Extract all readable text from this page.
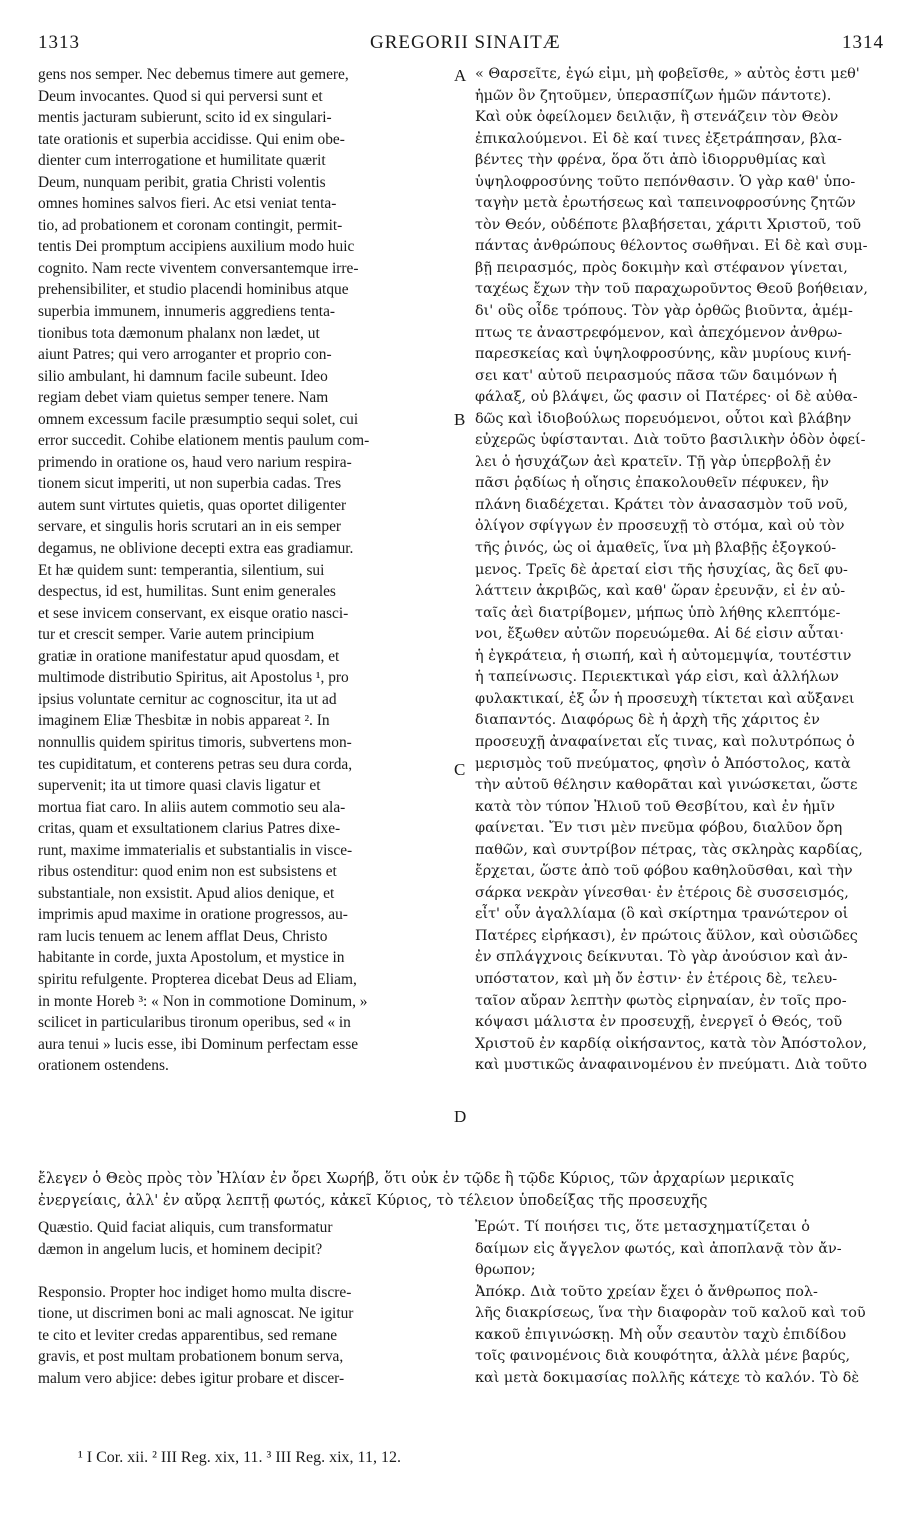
1313	GREGORII SINAITÆ	1314
gens nos semper. Nec debemus timere aut gemere,
Deum invocantes. Quod si qui perversi sunt et
mentis jacturam subierunt, scito id ex singulari-
tate orationis et superbia accidisse. Qui enim obe-
dienter cum interrogatione et humilitate quærit
Deum, nunquam peribit, gratia Christi volentis
omnes homines salvos fieri. Ac etsi veniat tenta-
tio, ad probationem et coronam contingit, permit-
tentis Dei promptum accipiens auxilium modo huic
cognito. Nam recte viventem conversantemque irre-
prehensibiliter, et studio placendi hominibus atque
superbia immunem, innumeris aggrediens tenta-
tionibus tota dæmonum phalanx non lædet, ut
aiunt Patres; qui vero arroganter et proprio con-
silio ambulant, hi damnum facile subeunt. Ideo
regiam debet viam quietus semper tenere. Nam
omnem excessum facile præsumptio sequi solet, cui
error succedit. Cohibe elationem mentis paulum com-
primendo in oratione os, haud vero narium respira-
tionem sicut imperiti, ut non superbia cadas. Tres
autem sunt virtutes quietis, quas oportet diligenter
servare, et singulis horis scrutari an in eis semper
degamus, ne oblivione decepti extra eas gradiamur.
Et hæ quidem sunt: temperantia, silentium, sui
despectus, id est, humilitas. Sunt enim generales
et sese invicem conservant, ex eisque oratio nasci-
tur et crescit semper. Varie autem principium
gratiæ in oratione manifestatur apud quosdam, et
multimode distributio Spiritus, ait Apostolus ¹, pro
ipsius voluntate cernitur ac cognoscitur, ita ut ad
imaginem Eliæ Thesbitæ in nobis appareat ². In
nonnullis quidem spiritus timoris, subvertens mon-
tes cupiditatum, et conterens petras seu dura corda,
supervenit; ita ut timore quasi clavis ligatur et
mortua fiat caro. In aliis autem commotio seu ala-
critas, quam et exsultationem clarius Patres dixe-
runt, maxime immaterialis et substantialis in visce-
ribus ostenditur: quod enim non est subsistens et
substantiale, non exsistit. Apud alios denique, et
imprimis apud maxime in oratione progressos, au-
ram lucis tenuem ac lenem afflat Deus, Christo
habitante in corde, juxta Apostolum, et mystice in
spiritu refulgente. Propterea dicebat Deus ad Eliam,
in monte Horeb ³: « Non in commotione Dominum, »
scilicet in particularibus tironum operibus, sed « in
aura tenui » lucis esse, ibi Dominum perfectam esse
orationem ostendens.
« Θαρσεῖτε, ἐγώ εἰμι, μὴ φοβεῖσθε, » αὐτὸς ἐστι μεθ'
ἡμῶν ὃν ζητοῦμεν, ὑπερασπίζων ἡμῶν πάντοτε).
Καὶ οὐκ ὀφείλομεν δειλιᾷν, ἢ στενάζειν τὸν Θεὸν
ἐπικαλούμενοι. Εἰ δὲ καί τινες ἐξετράπησαν, βλα-
βέντες τὴν φρένα, ὅρα ὅτι ἀπὸ ἰδιορρυθμίας καὶ
ὑψηλοφροσύνης τοῦτο πεπόνθασιν. Ὁ γὰρ καθ' ὑπο-
ταγὴν μετὰ ἐρωτήσεως καὶ ταπεινοφροσύνης ζητῶν
τὸν Θεόν, οὐδέποτε βλαβήσεται, χάριτι Χριστοῦ, τοῦ
πάντας ἀνθρώπους θέλοντος σωθῆναι. Εἰ δὲ καὶ συμ-
βῇ πειρασμός, πρὸς δοκιμὴν καὶ στέφανον γίνεται,
ταχέως ἔχων τὴν τοῦ παραχωροῦντος Θεοῦ βοήθειαν,
δι' οὓς οἶδε τρόπους. Τὸν γὰρ ὀρθῶς βιοῦντα, ἀμέμ-
πτως τε ἀναστρεφόμενον, καὶ ἀπεχόμενον ἀνθρω-
παρεσκείας καὶ ὑψηλοφροσύνης, κἂν μυρίους κινή-
σει κατ' αὐτοῦ πειρασμούς πᾶσα τῶν δαιμόνων ἡ
φάλαξ, οὐ βλάψει, ὥς φασιν οἱ Πατέρες· οἱ δὲ αὐθα-
δῶς καὶ ἰδιοβούλως πορευόμενοι, οὗτοι καὶ βλάβην
εὐχερῶς ὑφίστανται. Διὰ τοῦτο βασιλικὴν ὁδὸν ὀφεί-
λει ὁ ἡσυχάζων ἀεὶ κρατεῖν. Τῇ γὰρ ὑπερβολῇ ἐν
πᾶσι ῥᾳδίως ἡ οἴησις ἐπακολουθεῖν πέφυκεν, ἣν
πλάνη διαδέχεται. Κράτει τὸν ἀνασασμὸν τοῦ νοῦ,
ὀλίγον σφίγγων ἐν προσευχῇ τὸ στόμα, καὶ οὐ τὸν
τῆς ῥινός, ὡς οἱ ἀμαθεῖς, ἵνα μὴ βλαβῇς ἐξογκού-
μενος. Τρεῖς δὲ ἀρεταί εἰσι τῆς ἡσυχίας, ἃς δεῖ φυ-
λάττειν ἀκριβῶς, καὶ καθ' ὥραν ἐρευνᾷν, εἰ ἐν αὐ-
ταῖς ἀεὶ διατρίβομεν, μήπως ὑπὸ λήθης κλεπτόμε-
νοι, ἔξωθεν αὐτῶν πορευώμεθα. Αἱ δέ εἰσιν αὗται·
ἡ ἐγκράτεια, ἡ σιωπή, καὶ ἡ αὐτομεμψία, τουτέστιν
ἡ ταπείνωσις. Περιεκτικαὶ γάρ εἰσι, καὶ ἀλλήλων
φυλακτικαί, ἐξ ὧν ἡ προσευχὴ τίκτεται καὶ αὔξανει
διαπαντός. Διαφόρως δὲ ἡ ἀρχὴ τῆς χάριτος ἐν
προσευχῇ ἀναφαίνεται εἴς τινας, καὶ πολυτρόπως ὁ
μερισμὸς τοῦ πνεύματος, φησὶν ὁ Ἀπόστολος, κατὰ
τὴν αὐτοῦ θέλησιν καθορᾶται καὶ γινώσκεται, ὥστε
κατὰ τὸν τύπον Ἠλιοῦ τοῦ Θεσβίτου, καὶ ἐν ἡμῖν
φαίνεται. Ἔν τισι μὲν πνεῦμα φόβου, διαλῦον ὄρη
παθῶν, καὶ συντρίβον πέτρας, τὰς σκληρὰς καρδίας,
ἔρχεται, ὥστε ἀπὸ τοῦ φόβου καθηλοῦσθαι, καὶ τὴν
σάρκα νεκρὰν γίνεσθαι· ἐν ἑτέροις δὲ συσσεισμός,
εἶτ' οὖν ἀγαλλίαμα (ὃ καὶ σκίρτημα τρανώτερον οἱ
Πατέρες εἰρήκασι), ἐν πρώτοις ἄϋλον, καὶ οὐσιῶδες
ἐν σπλάγχνοις δείκνυται. Τὸ γὰρ ἀνούσιον καὶ ἀν-
υπόστατον, καὶ μὴ ὄν ἐστιν· ἐν ἑτέροις δὲ, τελευ-
ταῖον αὔραν λεπτὴν φωτὸς εἰρηναίαν, ἐν τοῖς προ-
κόψασι μάλιστα ἐν προσευχῇ, ἐνεργεῖ ὁ Θεός, τοῦ
Χριστοῦ ἐν καρδίᾳ οἰκήσαντος, κατὰ τὸν Ἀπόστολον,
καὶ μυστικῶς ἀναφαινομένου ἐν πνεύματι. Διὰ τοῦτο
A
B
C
D
ἔλεγεν ὁ Θεὸς πρὸς τὸν Ἠλίαν ἐν ὄρει Χωρήβ, ὅτι οὐκ ἐν τῷδε ἢ τῷδε Κύριος, τῶν ἀρχαρίων μερικαῖς
ἐνεργείαις, ἀλλ' ἐν αὔρᾳ λεπτῇ φωτός, κἀκεῖ Κύριος, τὸ τέλειον ὑποδείξας τῆς προσευχῆς
Quæstio. Quid faciat aliquis, cum transformatur
dæmon in angelum lucis, et hominem decipit?
Responsio. Propter hoc indiget homo multa discre-
tione, ut discrimen boni ac mali agnoscat. Ne igitur
te cito et leviter credas apparentibus, sed remane
gravis, et post multam probationem bonum serva,
malum vero abjice: debes igitur probare et discer-
Ἐρώτ. Τί ποιήσει τις, ὅτε μετασχηματίζεται ὁ
δαίμων εἰς ἄγγελον φωτός, καὶ ἀποπλανᾷ τὸν ἄν-
θρωπον;
Ἀπόκρ. Διὰ τοῦτο χρείαν ἔχει ὁ ἄνθρωπος πολ-
λῆς διακρίσεως, ἵνα τὴν διαφορὰν τοῦ καλοῦ καὶ τοῦ
κακοῦ ἐπιγινώσκῃ. Μὴ οὖν σεαυτὸν ταχὺ ἐπιδίδου
τοῖς φαινομένοις διὰ κουφότητα, ἀλλὰ μένε βαρύς,
καὶ μετὰ δοκιμασίας πολλῆς κάτεχε τὸ καλόν. Τὸ δὲ
¹ I Cor. xii. ² III Reg. xix, 11. ³ III Reg. xix, 11, 12.
